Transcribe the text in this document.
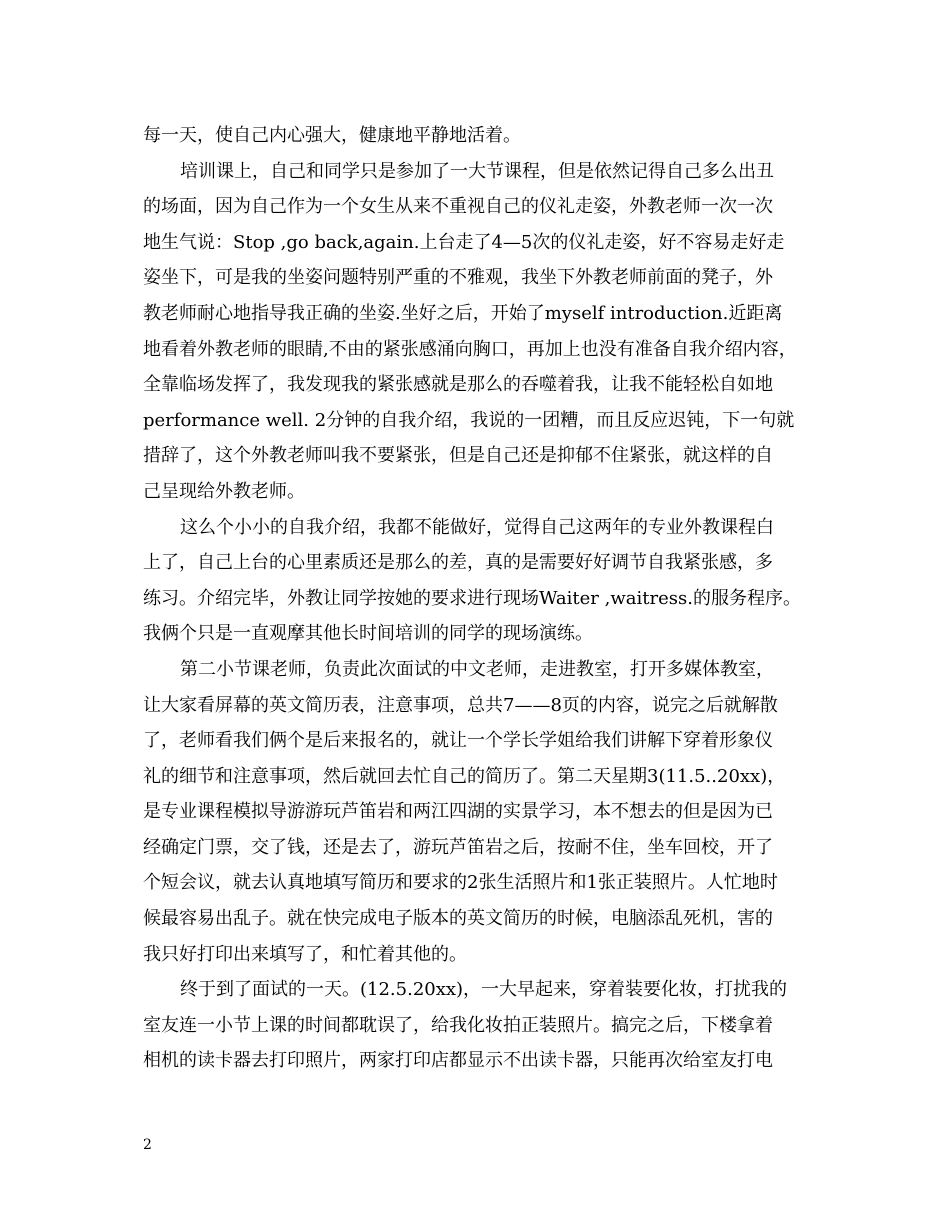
每一天，使自己内心强大，健康地平静地活着。
培训课上，自己和同学只是参加了一大节课程，但是依然记得自己多么出丑
的场面，因为自己作为一个女生从来不重视自己的仪礼走姿，外教老师一次一次
地生气说：Stop ,go back,again.上台走了4—5次的仪礼走姿，好不容易走好走
姿坐下，可是我的坐姿问题特别严重的不雅观，我坐下外教老师前面的凳子，外
教老师耐心地指导我正确的坐姿.坐好之后，开始了myself introduction.近距离
地看着外教老师的眼睛,不由的紧张感涌向胸口，再加上也没有准备自我介绍内容，
全靠临场发挥了，我发现我的紧张感就是那么的吞噬着我，让我不能轻松自如地
performance well. 2分钟的自我介绍，我说的一团糟，而且反应迟钝，下一句就
措辞了，这个外教老师叫我不要紧张，但是自己还是抑郁不住紧张，就这样的自
己呈现给外教老师。
这么个小小的自我介绍，我都不能做好，觉得自己这两年的专业外教课程白
上了，自己上台的心里素质还是那么的差，真的是需要好好调节自我紧张感，多
练习。介绍完毕，外教让同学按她的要求进行现场Waiter ,waitress.的服务程序。
我俩个只是一直观摩其他长时间培训的同学的现场演练。
第二小节课老师，负责此次面试的中文老师，走进教室，打开多媒体教室，
让大家看屏幕的英文简历表，注意事项，总共7——8页的内容，说完之后就解散
了，老师看我们俩个是后来报名的，就让一个学长学姐给我们讲解下穿着形象仪
礼的细节和注意事项，然后就回去忙自己的简历了。第二天星期3(11.5..20xx)，
是专业课程模拟导游游玩芦笛岩和两江四湖的实景学习，本不想去的但是因为已
经确定门票，交了钱，还是去了，游玩芦笛岩之后，按耐不住，坐车回校，开了
个短会议，就去认真地填写简历和要求的2张生活照片和1张正装照片。人忙地时
候最容易出乱子。就在快完成电子版本的英文简历的时候，电脑添乱死机，害的
我只好打印出来填写了，和忙着其他的。
终于到了面试的一天。(12.5.20xx)，一大早起来，穿着装要化妆，打扰我的
室友连一小节上课的时间都耽误了，给我化妆拍正装照片。搞完之后，下楼拿着
相机的读卡器去打印照片，两家打印店都显示不出读卡器，只能再次给室友打电
2
